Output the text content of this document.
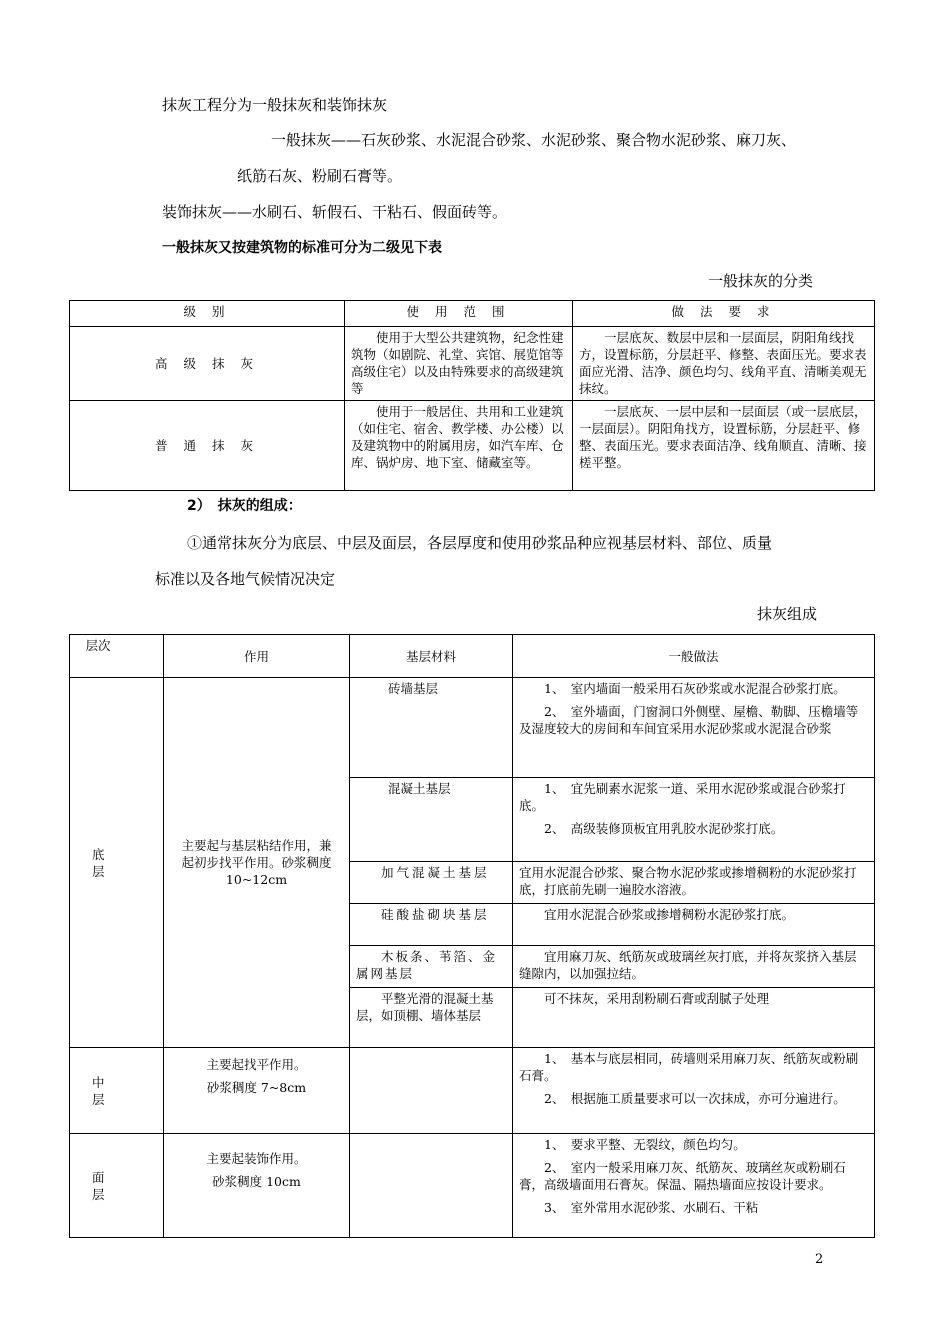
抹灰工程分为一般抹灰和装饰抹灰
一般抹灰——石灰砂浆、水泥混合砂浆、水泥砂浆、聚合物水泥砂浆、麻刀灰、
纸筋石灰、粉刷石膏等。
装饰抹灰——水刷石、斩假石、干粘石、假面砖等。
一般抹灰又按建筑物的标准可分为二级见下表
一般抹灰的分类
级 别	使 用 范 围	做 法 要 求
高 级 抹 灰	使用于大型公共建筑物，纪念性建筑物（如剧院、礼堂、宾馆、展览馆等高级住宅）以及由特殊要求的高级建筑等	一层底灰、数层中层和一层面层，阴阳角线找方，设置标筋，分层赶平、修整、表面压光。要求表面应光滑、洁净、颜色均匀、线角平直、清晰美观无抹纹。
普 通 抹 灰	使用于一般居住、共用和工业建筑（如住宅、宿舍、教学楼、办公楼）以及建筑物中的附属用房，如汽车库、仓库、锅炉房、地下室、储藏室等。	一层底灰、一层中层和一层面层（或一层底层，一层面层）。阴阳角找方，设置标筋，分层赶平、修整、表面压光。要求表面洁净、线角顺直、清晰、接槎平整。
2）　抹灰的组成：
①通常抹灰分为底层、中层及面层，各层厚度和使用砂浆品种应视基层材料、部位、质量
标准以及各地气候情况决定
抹灰组成
层次	作用	基层材料	一般做法

底层	主要起与基层粘结作用，兼起初步找平作用。砂浆稠度10~12cm	砖墙基层	1、　室内墙面一般采用石灰砂浆或水泥混合砂浆打底。
2、　室外墙面，门窗洞口外侧壁、屋檐、勒脚、压檐墙等及湿度较大的房间和车间宜采用水泥砂浆或水泥混合砂浆

		混凝土基层	1、　宜先刷素水泥浆一道、采用水泥砂浆或混合砂浆打底。
2、　高级装修顶板宜用乳胶水泥砂浆打底。

		加气混凝土基层	宜用水泥混合砂浆、聚合物水泥砂浆或掺增稠粉的水泥砂浆打底，打底前先刷一遍胶水溶液。
		硅酸盐砌块基层	宜用水泥混合砂浆或掺增稠粉水泥砂浆打底。
		木板条、苇箔、金属网基层	宜用麻刀灰、纸筋灰或玻璃丝灰打底，并将灰浆挤入基层缝隙内，以加强拉结。
		平整光滑的混凝土基层，如顶棚、墙体基层	可不抹灰，采用刮粉刷石膏或刮腻子处理

中层	主要起找平作用。
砂浆稠度 7~8cm		1、　基本与底层相同，砖墙则采用麻刀灰、纸筋灰或粉刷石膏。
2、　根据施工质量要求可以一次抹成，亦可分遍进行。

面层	主要起装饰作用。
砂浆稠度 10cm		1、　要求平整、无裂纹，颜色均匀。
2、　室内一般采用麻刀灰、纸筋灰、玻璃丝灰或粉刷石膏，高级墙面用石膏灰。保温、隔热墙面应按设计要求。
3、　室外常用水泥砂浆、水刷石、干粘
2
